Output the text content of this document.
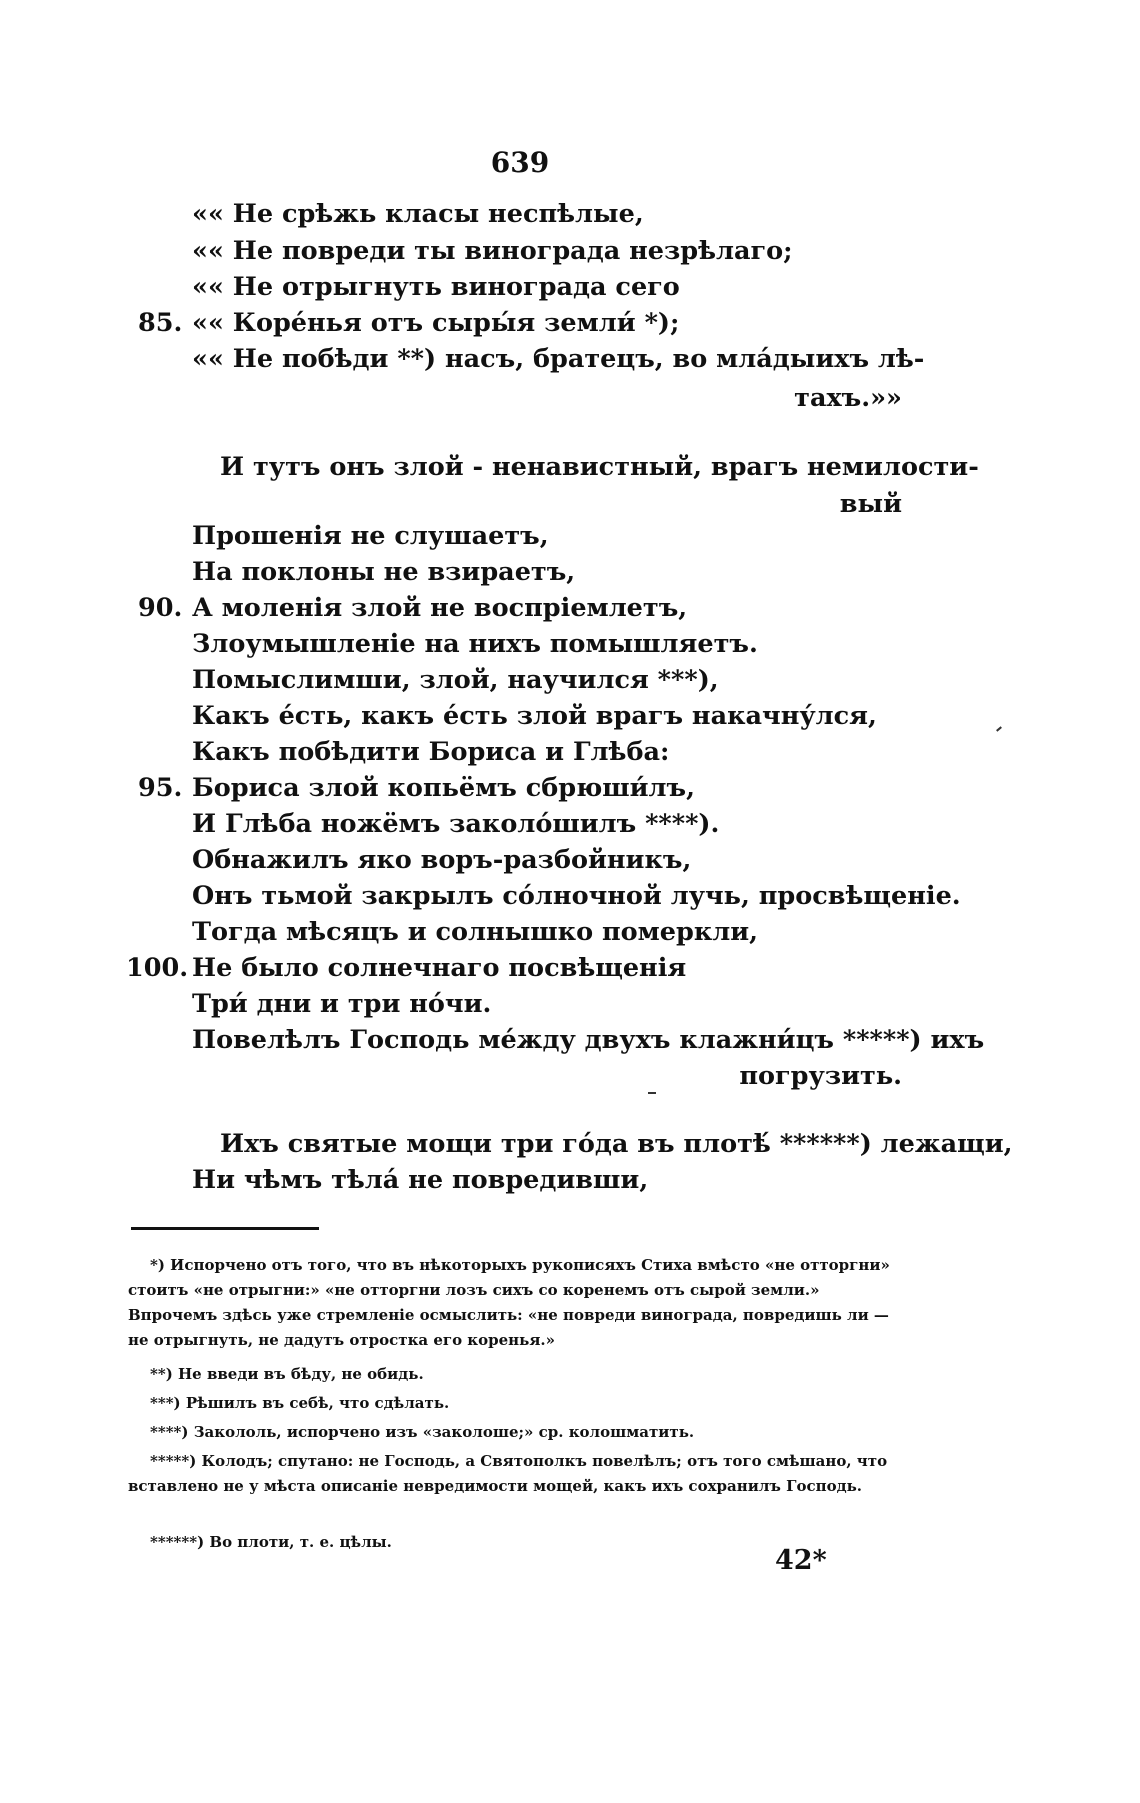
639
«« Не срѣжь класы неспѣлые,
«« Не повреди ты винограда незрѣлаго;
«« Не отрыгнуть винограда сего
85. «« Коре́нья отъ сыры́я земли́ *);
«« Не побѣди **) насъ, братецъ, во мла́дыихъ лѣ-
тахъ.»»
И тутъ онъ злой - ненавистный, врагъ немилости-
вый
Прошенія не слушаетъ,
На поклоны не взираетъ,
90. А моленія злой не воспріемлетъ,
Злоумышленіе на нихъ помышляетъ.
Помыслимши, злой, научился ***),
Какъ е́сть, какъ е́сть злой врагъ накачну́лся,
Какъ побѣдити Бориса и Глѣба:
95. Бориса злой копьёмъ сбрюши́лъ,
И Глѣба ножёмъ заколо́шилъ ****).
Обнажилъ яко воръ-разбойникъ,
Онъ тьмой закрылъ со́лночной лучь, просвѣщеніе.
Тогда мѣсяцъ и солнышко померкли,
100. Не было солнечнаго посвѣщенія
Три́ дни и три но́чи.
Повелѣлъ Господь ме́жду двухъ клажни́цъ *****) ихъ
погрузить.
Ихъ святые мощи три го́да въ плотѣ́ ******) лежащи,
Ни чѣмъ тѣла́ не повредивши,
*) Испорчено отъ того, что въ нѣкоторыхъ рукописяхъ Стиха вмѣсто «не отторгни» стоитъ «не отрыгни:» «не отторгни лозъ сихъ со коренемъ отъ сырой земли.» Впрочемъ здѣсь уже стремленіе осмыслить: «не повреди винограда, повредишь ли — не отрыгнуть, не дадутъ отростка его коренья.»
**) Не введи въ бѣду, не обидь.
***) Рѣшилъ въ себѣ, что сдѣлать.
****) Закололь, испорчено изъ «заколоше;» ср. колошматить.
*****) Колодъ; спутано: не Господь, а Святополкъ повелѣлъ; отъ того смѣшано, что вставлено не у мѣста описаніе невредимости мощей, какъ ихъ сохранилъ Господь.
******) Во плоти, т. е. цѣлы.
42*
